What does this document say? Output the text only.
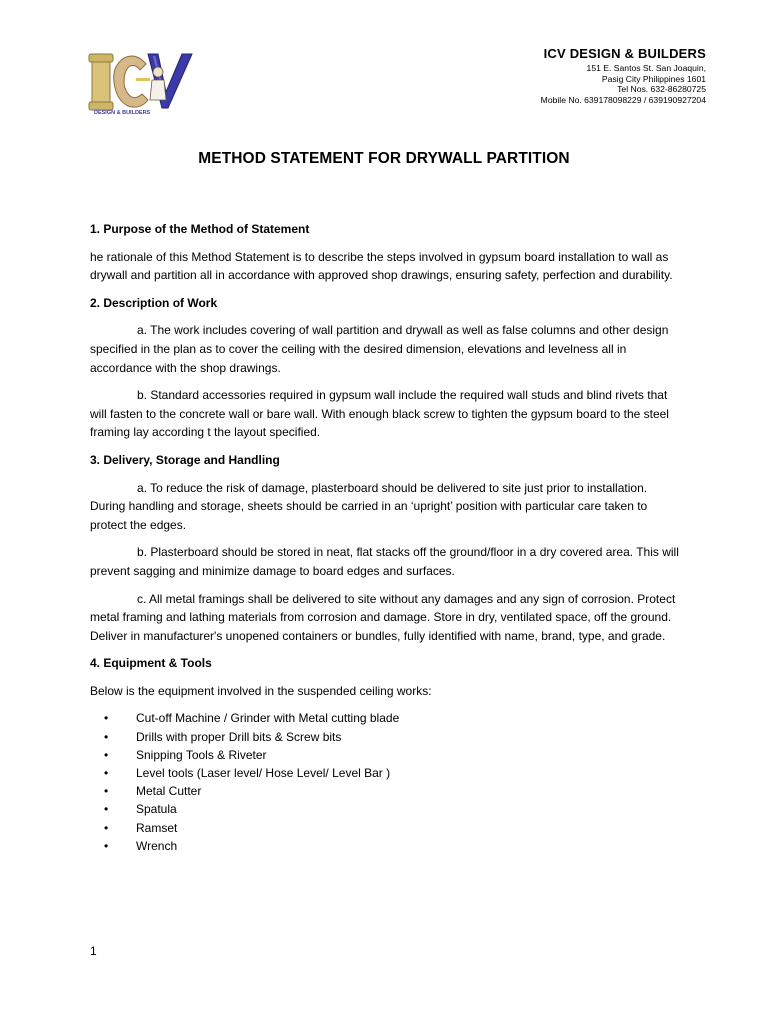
DESIGN & BUILDERS
ICV DESIGN & BUILDERS
151 E. Santos St. San Joaquin,
Pasig City Philippines 1601
Tel Nos. 632-86280725
Mobile No. 639178098229 / 639190927204
METHOD STATEMENT FOR DRYWALL PARTITION

1. Purpose of the Method of Statement

he rationale of this Method Statement is to describe the steps involved in gypsum board installation to wall as drywall and partition all in accordance with approved shop drawings, ensuring safety, perfection and durability.

2. Description of Work

a. The work includes covering of wall partition and drywall as well as false columns and other design specified in the plan as to cover the ceiling with the desired dimension, elevations and levelness all in accordance with the shop drawings.

b. Standard accessories required in gypsum wall include the required wall studs and blind rivets that will fasten to the concrete wall or bare wall. With enough black screw to tighten the gypsum board to the steel framing lay according t the layout specified.

3. Delivery, Storage and Handling

a. To reduce the risk of damage, plasterboard should be delivered to site just prior to installation. During handling and storage, sheets should be carried in an ‘upright’ position with particular care taken to protect the edges.

b. Plasterboard should be stored in neat, flat stacks off the ground/floor in a dry covered area. This will prevent sagging and minimize damage to board edges and surfaces.

c. All metal framings shall be delivered to site without any damages and any sign of corrosion. Protect metal framing and lathing materials from corrosion and damage. Store in dry, ventilated space, off the ground. Deliver in manufacturer's unopened containers or bundles, fully identified with name, brand, type, and grade.

4. Equipment & Tools

Below is the equipment involved in the suspended ceiling works:

• Cut-off Machine / Grinder with Metal cutting blade
• Drills with proper Drill bits & Screw bits
• Snipping Tools & Riveter
• Level tools (Laser level/ Hose Level/ Level Bar )
• Metal Cutter
• Spatula
• Ramset
• Wrench
1
